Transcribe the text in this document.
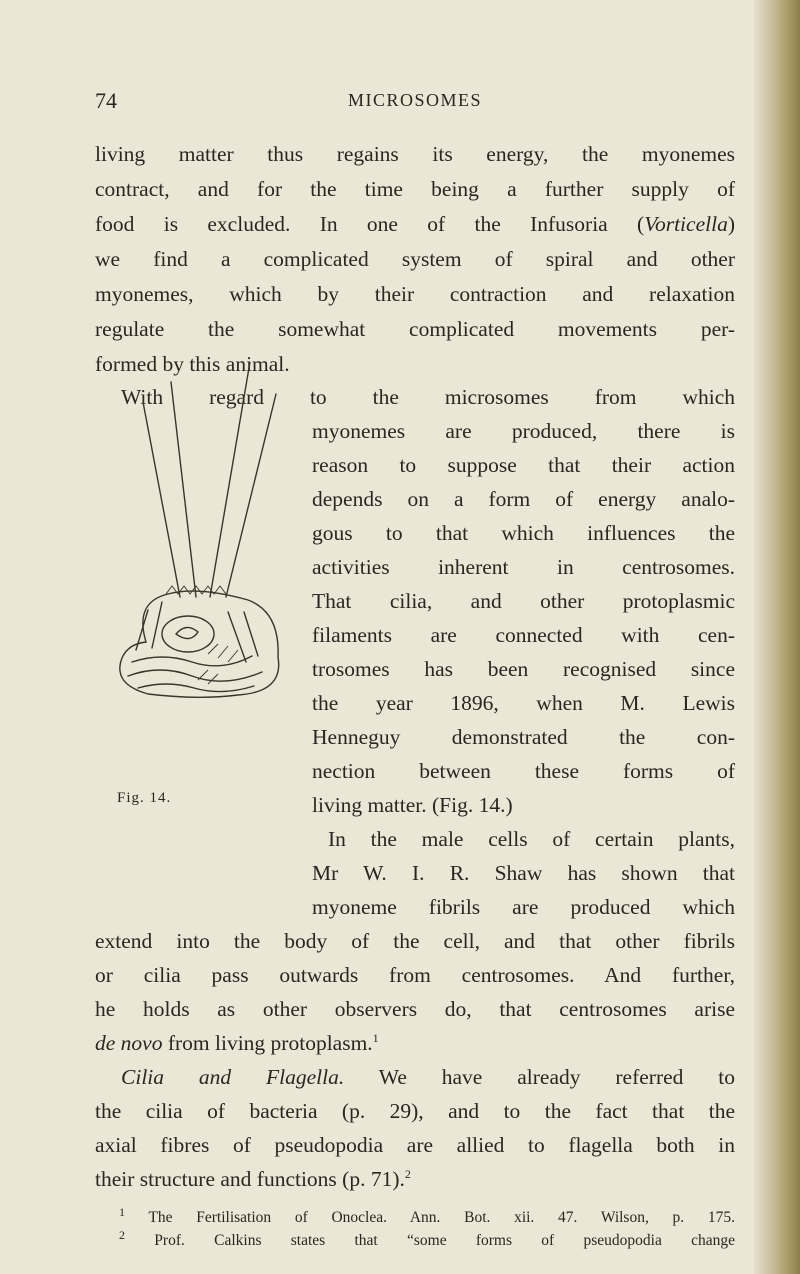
74	MICROSOMES
living matter thus regains its energy, the myonemes
contract, and for the time being a further supply of
food is excluded. In one of the Infusoria (Vorticella)
we find a complicated system of spiral and other
myonemes, which by their contraction and relaxation
regulate the somewhat complicated movements per-
formed by this animal.
With regard to the microsomes from which
myonemes are produced, there is
reason to suppose that their action
depends on a form of energy analo-
gous to that which influences the
activities inherent in centrosomes.
That cilia, and other protoplasmic
filaments are connected with cen-
trosomes has been recognised since
the year 1896, when M. Lewis
Henneguy demonstrated the con-
nection between these forms of
living matter. (Fig. 14.)
In the male cells of certain plants,
Mr W. I. R. Shaw has shown that
myoneme fibrils are produced which
extend into the body of the cell, and that other fibrils
or cilia pass outwards from centrosomes. And further,
he holds as other observers do, that centrosomes arise
de novo from living protoplasm.$^1$
Cilia and Flagella. We have already referred to
the cilia of bacteria (p. 29), and to the fact that the
axial fibres of pseudopodia are allied to flagella both in
their structure and functions (p. 71).$^2$
$^1$ The Fertilisation of Onoclea. Ann. Bot. xii. 47. Wilson, p. 175.
$^2$ Prof. Calkins states that “some forms of pseudopodia change
Fig. 14.
